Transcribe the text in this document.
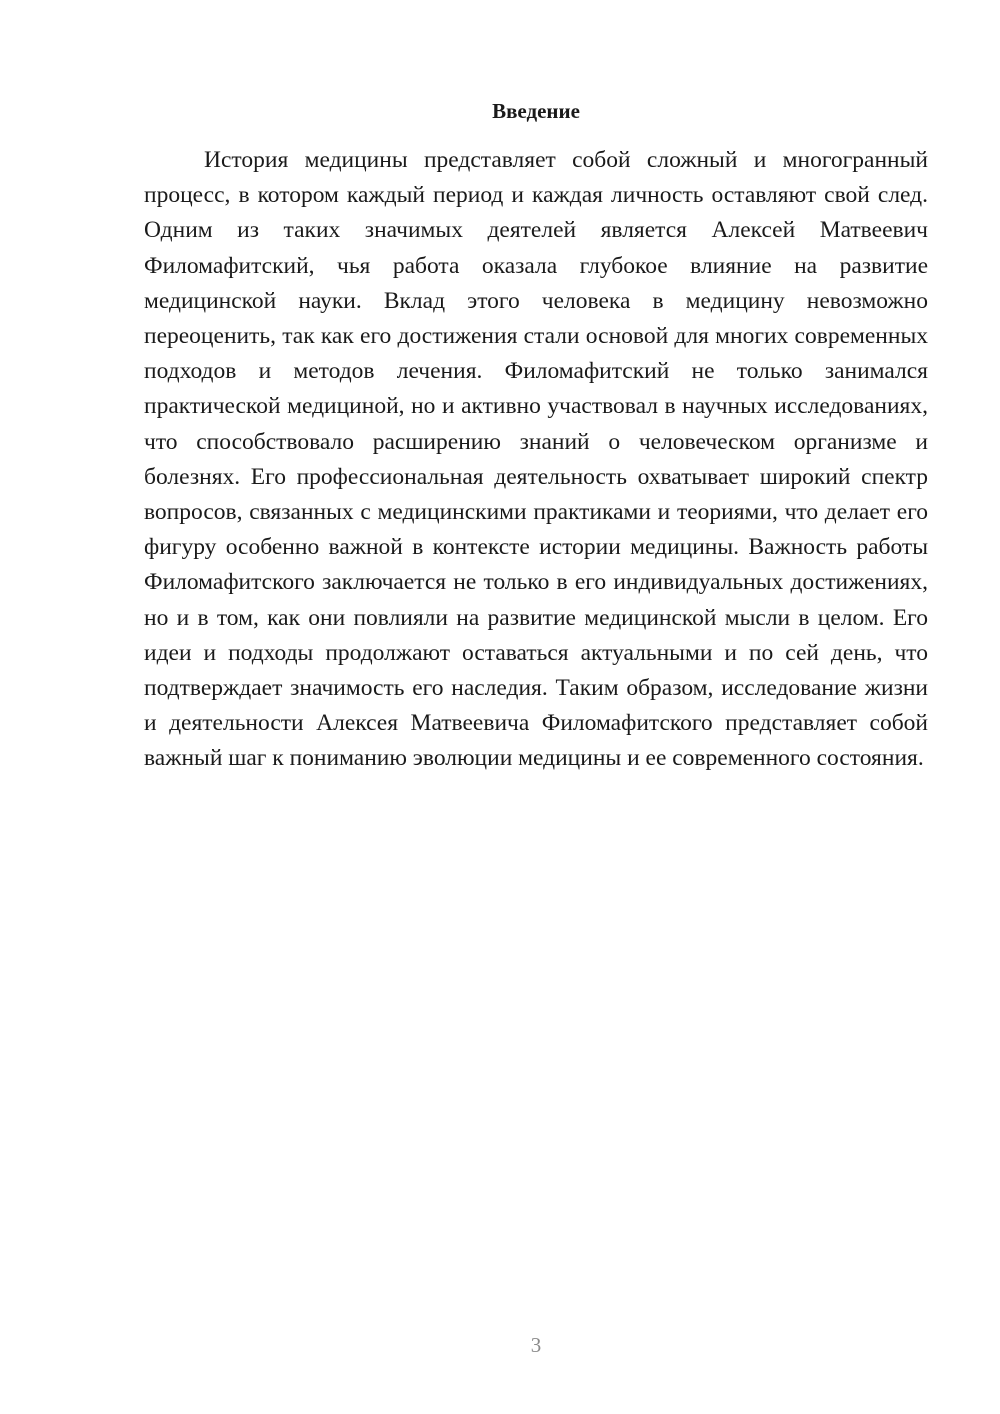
Введение

История медицины представляет собой сложный и многогранный процесс, в котором каждый период и каждая личность оставляют свой след. Одним из таких значимых деятелей является Алексей Матвеевич Филомафитский, чья работа оказала глубокое влияние на развитие медицинской науки. Вклад этого человека в медицину невозможно переоценить, так как его достижения стали основой для многих современных подходов и методов лечения. Филомафитский не только занимался практической медициной, но и активно участвовал в научных исследованиях, что способствовало расширению знаний о человеческом организме и болезнях. Его профессиональная деятельность охватывает широкий спектр вопросов, связанных с медицинскими практиками и теориями, что делает его фигуру особенно важной в контексте истории медицины. Важность работы Филомафитского заключается не только в его индивидуальных достижениях, но и в том, как они повлияли на развитие медицинской мысли в целом. Его идеи и подходы продолжают оставаться актуальными и по сей день, что подтверждает значимость его наследия. Таким образом, исследование жизни и деятельности Алексея Матвеевича Филомафитского представляет собой важный шаг к пониманию эволюции медицины и ее современного состояния.

3
